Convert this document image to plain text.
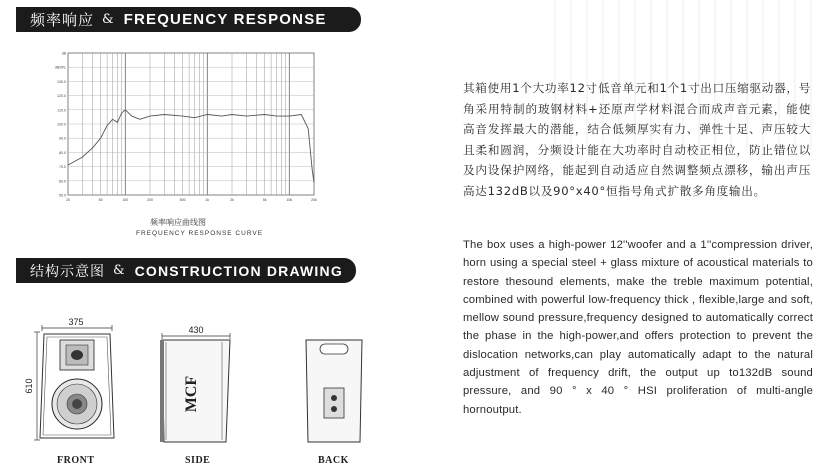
频率响应 & FREQUENCY RESPONSE
dB
dBSPL
130.0
120.0
110.0
100.0
90.0
80.0
70.0
60.0
50.0
20	50	100	200	500	1k	2k	5k	10k	20k
频率响应曲线图
FREQUENCY RESPONSE CURVE
结构示意图 & CONSTRUCTION DRAWING
375
610
430
MCF
FRONT	SIDE	BACK
其箱使用1个大功率12寸低音单元和1个1寸出口压缩驱动器，号角采用特制的玻钢材料+还原声学材料混合而成声音元素，能使高音发挥最大的潜能，结合低频厚实有力、弹性十足、声压较大且柔和圆润，分频设计能在大功率时自动校正相位，防止错位以及内设保护网络，能起到自动适应自然调整频点漂移，输出声压高达132dB以及90°x40°恒指号角式扩散多角度输出。
The box uses a high-power 12''woofer and a 1''compression driver, horn using a special steel + glass mixture of acoustical materials to restore thesound elements, make the treble maximum potential, combined with powerful low-frequency thick , flexible,large and soft, mellow sound pressure,frequency designed to automatically correct the phase in the high-power,and offers protection to prevent the dislocation networks,can play automatically adapt to the natural adjustment of frequency drift, the output up to132dB sound pressure, and 90 ° x 40 ° HSI proliferation of multi-angle hornoutput.
